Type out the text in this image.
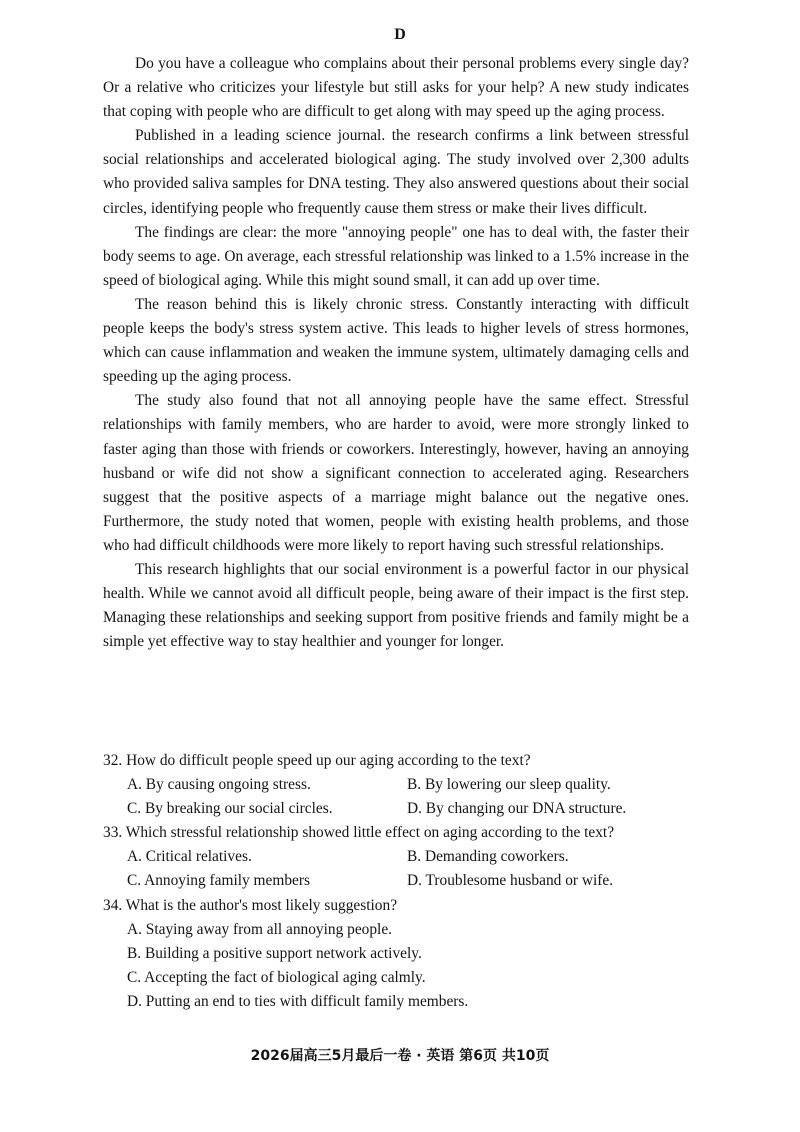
D

Do you have a colleague who complains about their personal problems every single day? Or a relative who criticizes your lifestyle but still asks for your help? A new study indicates that coping with people who are difficult to get along with may speed up the aging process.

Published in a leading science journal. the research confirms a link between stressful social relationships and accelerated biological aging. The study involved over 2,300 adults who provided saliva samples for DNA testing. They also answered questions about their social circles, identifying people who frequently cause them stress or make their lives difficult.

The findings are clear: the more "annoying people" one has to deal with, the faster their body seems to age. On average, each stressful relationship was linked to a 1.5% increase in the speed of biological aging. While this might sound small, it can add up over time.

The reason behind this is likely chronic stress. Constantly interacting with difficult people keeps the body's stress system active. This leads to higher levels of stress hormones, which can cause inflammation and weaken the immune system, ultimately damaging cells and speeding up the aging process.

The study also found that not all annoying people have the same effect. Stressful relationships with family members, who are harder to avoid, were more strongly linked to faster aging than those with friends or coworkers. Interestingly, however, having an annoying husband or wife did not show a significant connection to accelerated aging. Researchers suggest that the positive aspects of a marriage might balance out the negative ones. Furthermore, the study noted that women, people with existing health problems, and those who had difficult childhoods were more likely to report having such stressful relationships.

This research highlights that our social environment is a powerful factor in our physical health. While we cannot avoid all difficult people, being aware of their impact is the first step. Managing these relationships and seeking support from positive friends and family might be a simple yet effective way to stay healthier and younger for longer.

32. How do difficult people speed up our aging according to the text?

A. By causing ongoing stress.	B. By lowering our sleep quality.
C. By breaking our social circles.	D. By changing our DNA structure.

33. Which stressful relationship showed little effect on aging according to the text?

A. Critical relatives.	B. Demanding coworkers.
C. Annoying family members	D. Troublesome husband or wife.

34. What is the author's most likely suggestion?

A. Staying away from all annoying people.
B. Building a positive support network actively.
C. Accepting the fact of biological aging calmly.
D. Putting an end to ties with difficult family members.
2026届高三5月最后一卷 · 英语 第6页 共10页
